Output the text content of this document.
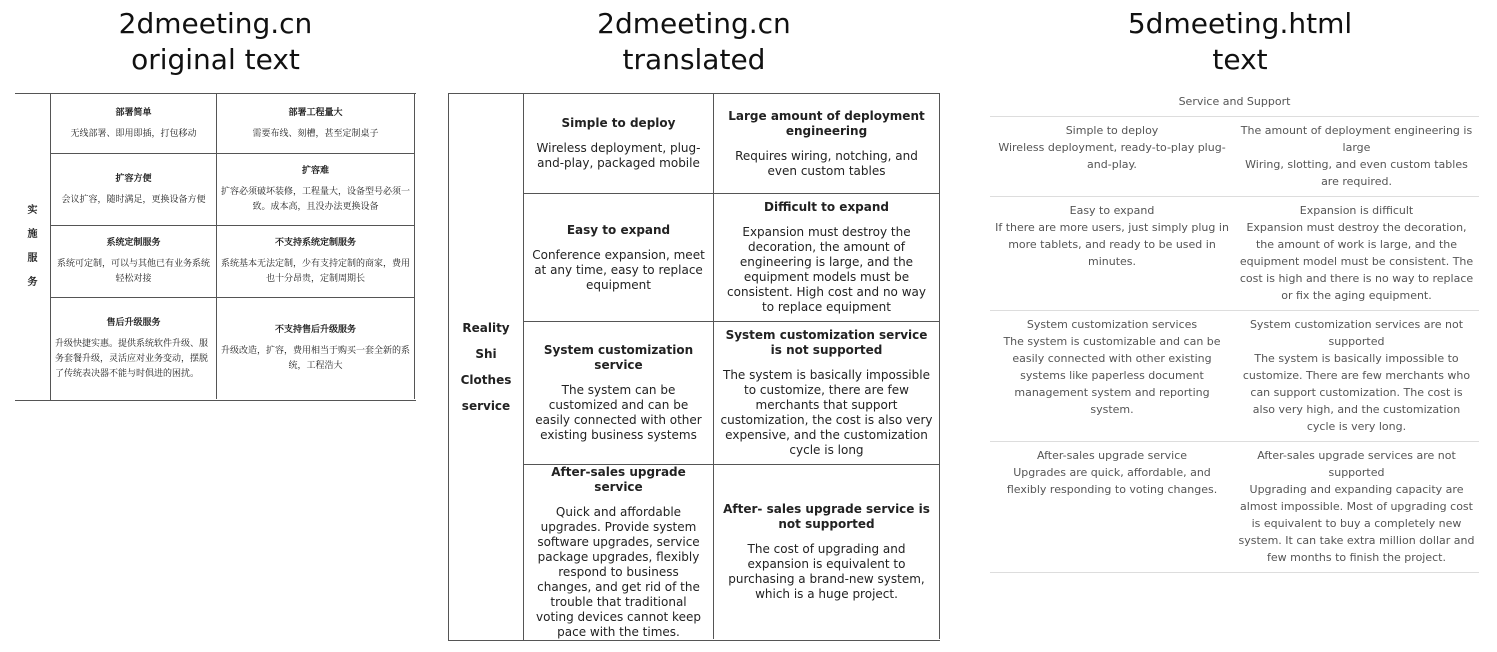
2dmeeting.cn
original text
2dmeeting.cn
translated
5dmeeting.html
text
实
施
服
务
部署简单
无线部署、即用即插，打包移动
部署工程量大
需要布线、刻槽，甚至定制桌子
扩容方便
会议扩容，随时满足，更换设备方便
扩容难
扩容必须破坏装修，工程量大，设备型号必须一致。成本高，且没办法更换设备
系统定制服务
系统可定制，可以与其他已有业务系统轻松对接
不支持系统定制服务
系统基本无法定制，少有支持定制的商家，费用也十分昂贵，定制周期长
售后升级服务
升级快捷实惠。提供系统软件升级、服务套餐升级，灵活应对业务变动，摆脱了传统表决器不能与时俱进的困扰。
不支持售后升级服务
升级改造，扩容，费用相当于购买一套全新的系统，工程浩大
Reality
Shi
Clothes
service
Simple to deploy
Wireless deployment, plug-and-play, packaged mobile
Large amount of deployment engineering
Requires wiring, notching, and even custom tables
Easy to expand
Conference expansion, meet at any time, easy to replace equipment
Difficult to expand
Expansion must destroy the decoration, the amount of engineering is large, and the equipment models must be consistent. High cost and no way to replace equipment
System customization service
The system can be customized and can be easily connected with other existing business systems
System customization service is not supported
The system is basically impossible to customize, there are few merchants that support customization, the cost is also very expensive, and the customization cycle is long
After-sales upgrade service
Quick and affordable upgrades. Provide system software upgrades, service package upgrades, flexibly respond to business changes, and get rid of the trouble that traditional voting devices cannot keep pace with the times.
After- sales upgrade service is not supported
The cost of upgrading and expansion is equivalent to purchasing a brand-new system, which is a huge project.
Service and Support
Simple to deploy
Wireless deployment, ready-to-play plug-and-play.
The amount of deployment engineering is large
Wiring, slotting, and even custom tables are required.
Easy to expand
If there are more users, just simply plug in more tablets, and ready to be used in minutes.
Expansion is difficult
Expansion must destroy the decoration, the amount of work is large, and the equipment model must be consistent. The cost is high and there is no way to replace or fix the aging equipment.
System customization services
The system is customizable and can be easily connected with other existing systems like paperless document management system and reporting system.
System customization services are not supported
The system is basically impossible to customize. There are few merchants who can support customization. The cost is also very high, and the customization cycle is very long.
After-sales upgrade service
Upgrades are quick, affordable, and flexibly responding to voting changes.
After-sales upgrade services are not supported
Upgrading and expanding capacity are almost impossible. Most of upgrading cost is equivalent to buy a completely new system. It can take extra million dollar and few months to finish the project.
